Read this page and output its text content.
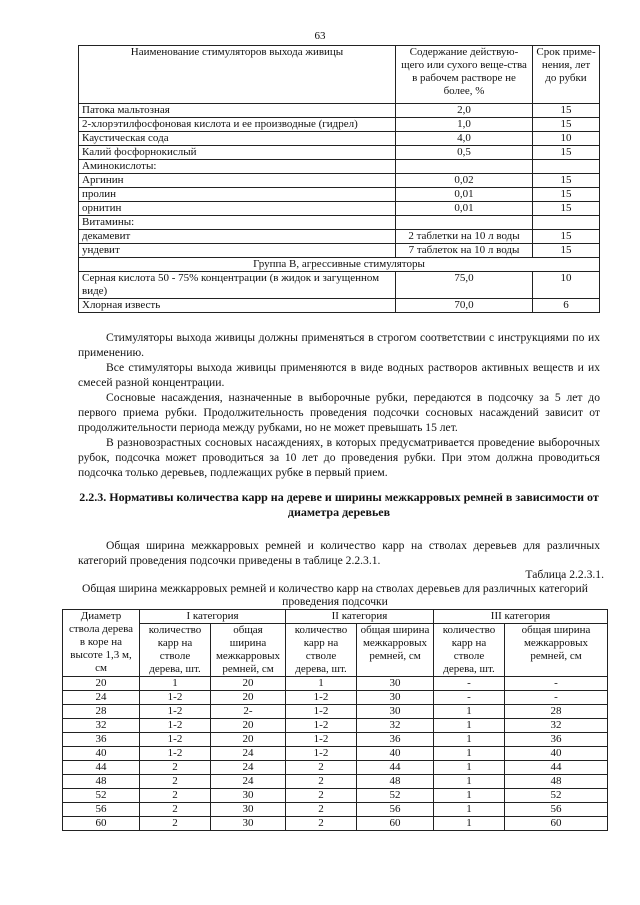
63
Наименование стимуляторов выхода живицы	Содержание действую-щего или сухого веще-ства в рабочем растворе не более, %	Срок приме-нения, лет до рубки
Патока мальтозная	2,0	15
2-хлорэтилфосфоновая кислота и ее производные (гидрел)	1,0	15
Каустическая сода	4,0	10
Калий фосфорнокислый	0,5	15
Аминокислоты:		
Аргинин	0,02	15
пролин	0,01	15
орнитин	0,01	15
Витамины:		
декамевит	2 таблетки на 10 л воды	15
ундевит	7 таблеток на 10 л воды	15
Группа В, агрессивные стимуляторы		
Серная кислота 50 - 75% концентрации (в жидок и загущенном виде)	75,0	10
Хлорная известь	70,0	6

Стимуляторы выхода живицы должны применяться в строгом соответствии с инструкциями по их применению.

Все стимуляторы выхода живицы применяются в виде водных растворов активных веществ и их смесей разной концентрации.

Сосновые насаждения, назначенные в выборочные рубки, передаются в подсочку за 5 лет до первого приема рубки. Продолжительность проведения подсочки сосновых насаждений зависит от продолжительности периода между рубками, но не может превышать 15 лет.

В разновозрастных сосновых насаждениях, в которых предусматривается проведение выборочных рубок, подсочка может проводиться за 10 лет до проведения рубки. При этом должна проводиться подсочка только деревьев, подлежащих рубке в первый прием.

2.2.3. Нормативы количества карр на дереве и ширины межкарровых ремней в зависимости от диаметра деревьев

Общая ширина межкарровых ремней и количество карр на стволах деревьев для различных категорий проведения подсочки приведены в таблице 2.2.3.1.

Таблица 2.2.3.1.
Общая ширина межкарровых ремней и количество карр на стволах деревьев для различных категорий проведения подсочки
Диаметр ствола дерева в коре на высоте 1,3 м, см	I категория		II категория		III категория	
	количество карр на стволе дерева, шт.	общая ширина межкарровых ремней, см	количество карр на стволе дерева, шт.	общая ширина межкарровых ремней, см	количество карр на стволе дерева, шт.	общая ширина межкарровых ремней, см
20	1	20	1	30	-	-
24	1-2	20	1-2	30	-	-
28	1-2	2-	1-2	30	1	28
32	1-2	20	1-2	32	1	32
36	1-2	20	1-2	36	1	36
40	1-2	24	1-2	40	1	40
44	2	24	2	44	1	44
48	2	24	2	48	1	48
52	2	30	2	52	1	52
56	2	30	2	56	1	56
60	2	30	2	60	1	60
